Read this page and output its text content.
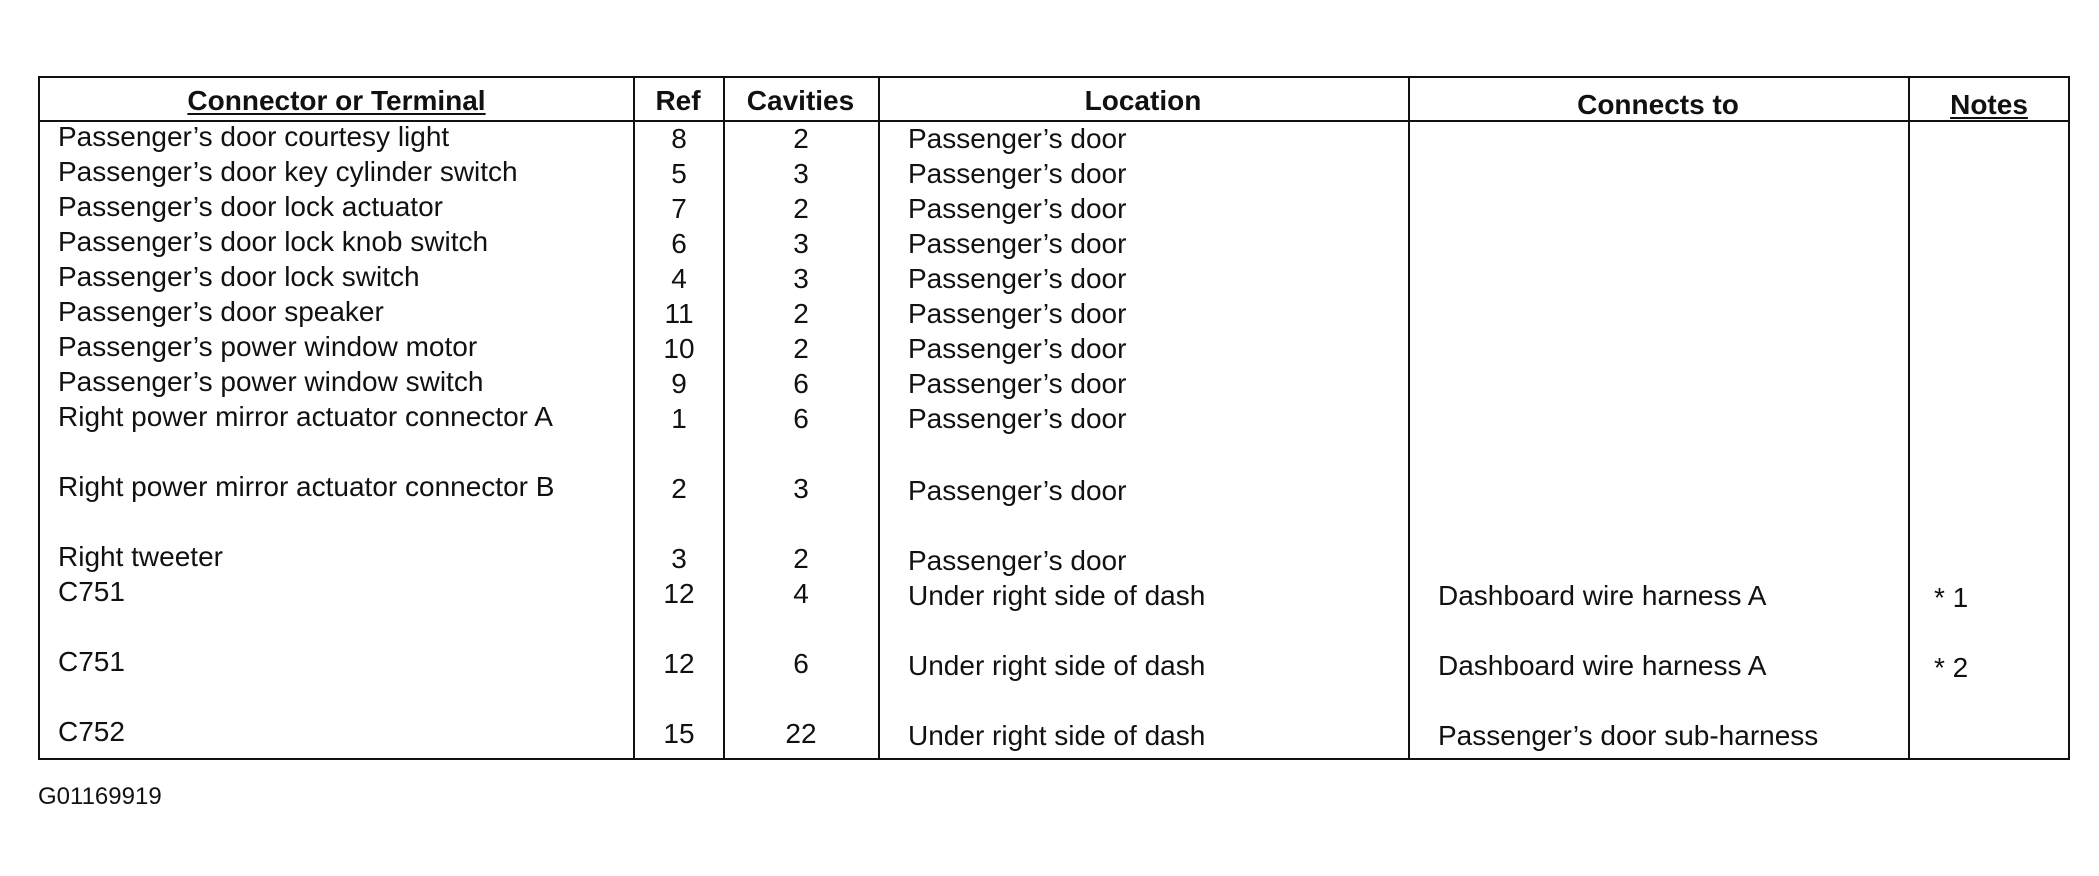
Connector or Terminal	Ref	Cavities	Location	Connects to	Notes
Passenger’s door courtesy light	8	2	Passenger’s door
Passenger’s door key cylinder switch	5	3	Passenger’s door
Passenger’s door lock actuator	7	2	Passenger’s door
Passenger’s door lock knob switch	6	3	Passenger’s door
Passenger’s door lock switch	4	3	Passenger’s door
Passenger’s door speaker	11	2	Passenger’s door
Passenger’s power window motor	10	2	Passenger’s door
Passenger’s power window switch	9	6	Passenger’s door
Right power mirror actuator connector A	1	6	Passenger’s door
Right power mirror actuator connector B	2	3	Passenger’s door
Right tweeter	3	2	Passenger’s door
C751	12	4	Under right side of dash	Dashboard wire harness A	* 1
C751	12	6	Under right side of dash	Dashboard wire harness A	* 2
C752	15	22	Under right side of dash	Passenger’s door sub-harness
G01169919
